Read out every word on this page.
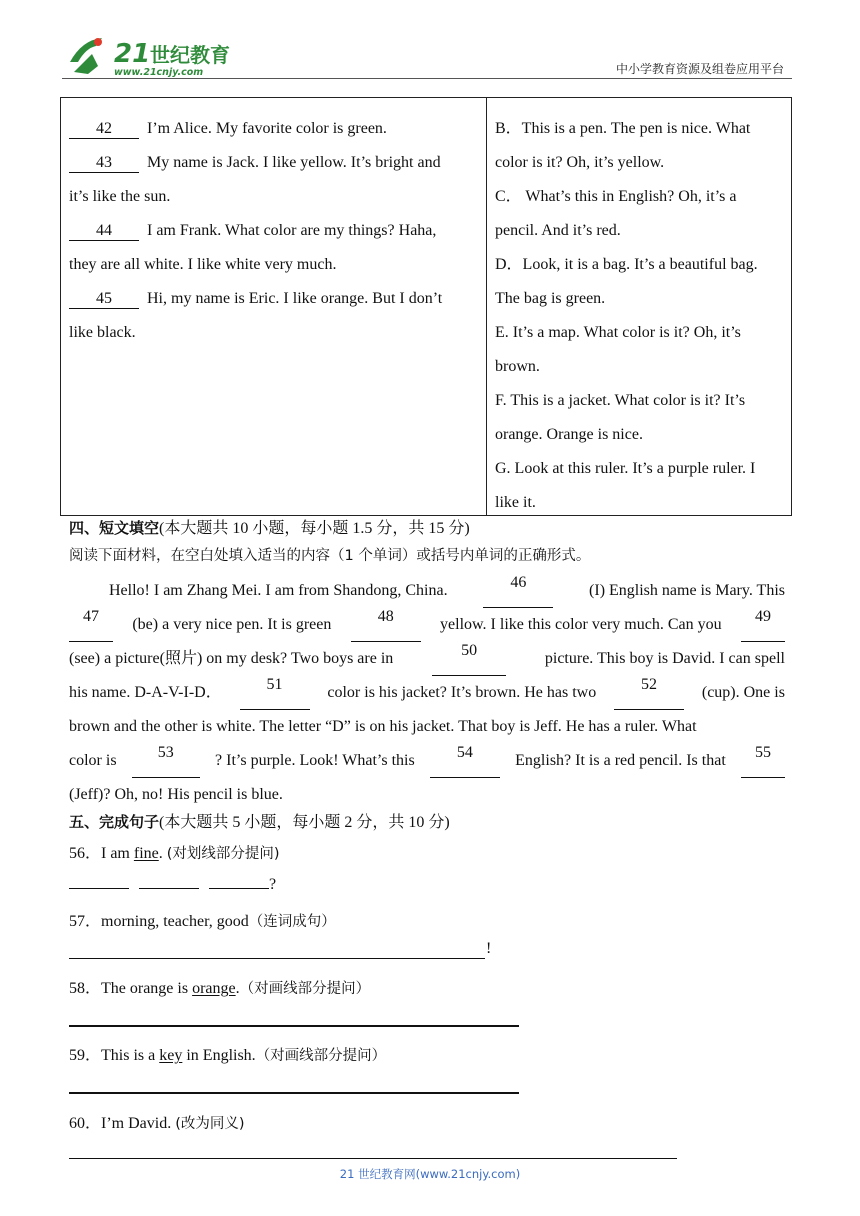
21 世纪教育
www.21cnjy.com	中小学教育资源及组卷应用平台
42 I’m Alice. My favorite color is green.
43 My name is Jack. I like yellow. It’s bright and
it’s like the sun.
44 I am Frank. What color are my things? Haha,
they are all white. I like white very much.
45 Hi, my name is Eric. I like orange. But I don’t
like black.
B．This is a pen. The pen is nice. What
color is it? Oh, it’s yellow.
C． What’s this in English? Oh, it’s a
pencil. And it’s red.
D．Look, it is a bag. It’s a beautiful bag.
The bag is green.
E. It’s a map. What color is it? Oh, it’s
brown.
F. This is a jacket. What color is it? It’s
orange. Orange is nice.
G. Look at this ruler. It’s a purple ruler. I
like it.
四、短文填空(本大题共 10 小题，每小题 1.5 分，共 15 分)
阅读下面材料，在空白处填入适当的内容（1 个单词）或括号内单词的正确形式。
Hello! I am Zhang Mei. I am from Shandong, China.	46	(I) English name is Mary. This
47	(be) a very nice pen. It is green	48	yellow. I like this color very much. Can you	49
(see) a picture(照片) on my desk? Two boys are in	50	picture. This boy is David. I can spell
his name. D-A-V-I-D．	51	color is his jacket? It’s brown. He has two	52	(cup). One is
brown and the other is white. The letter “D” is on his jacket. That boy is Jeff. He has a ruler. What
color is	53	? It’s purple. Look! What’s this	54	English? It is a red pencil. Is that	55
(Jeff)? Oh, no! His pencil is blue.
五、完成句子(本大题共 5 小题，每小题 2 分，共 10 分)
56．I am fine. (对划线部分提问)
?
57．morning, teacher, good（连词成句）
!
58．The orange is orange.（对画线部分提问）
59．This is a key in English.（对画线部分提问）
60．I’m David. (改为同义)
21 世纪教育网(www.21cnjy.com)
